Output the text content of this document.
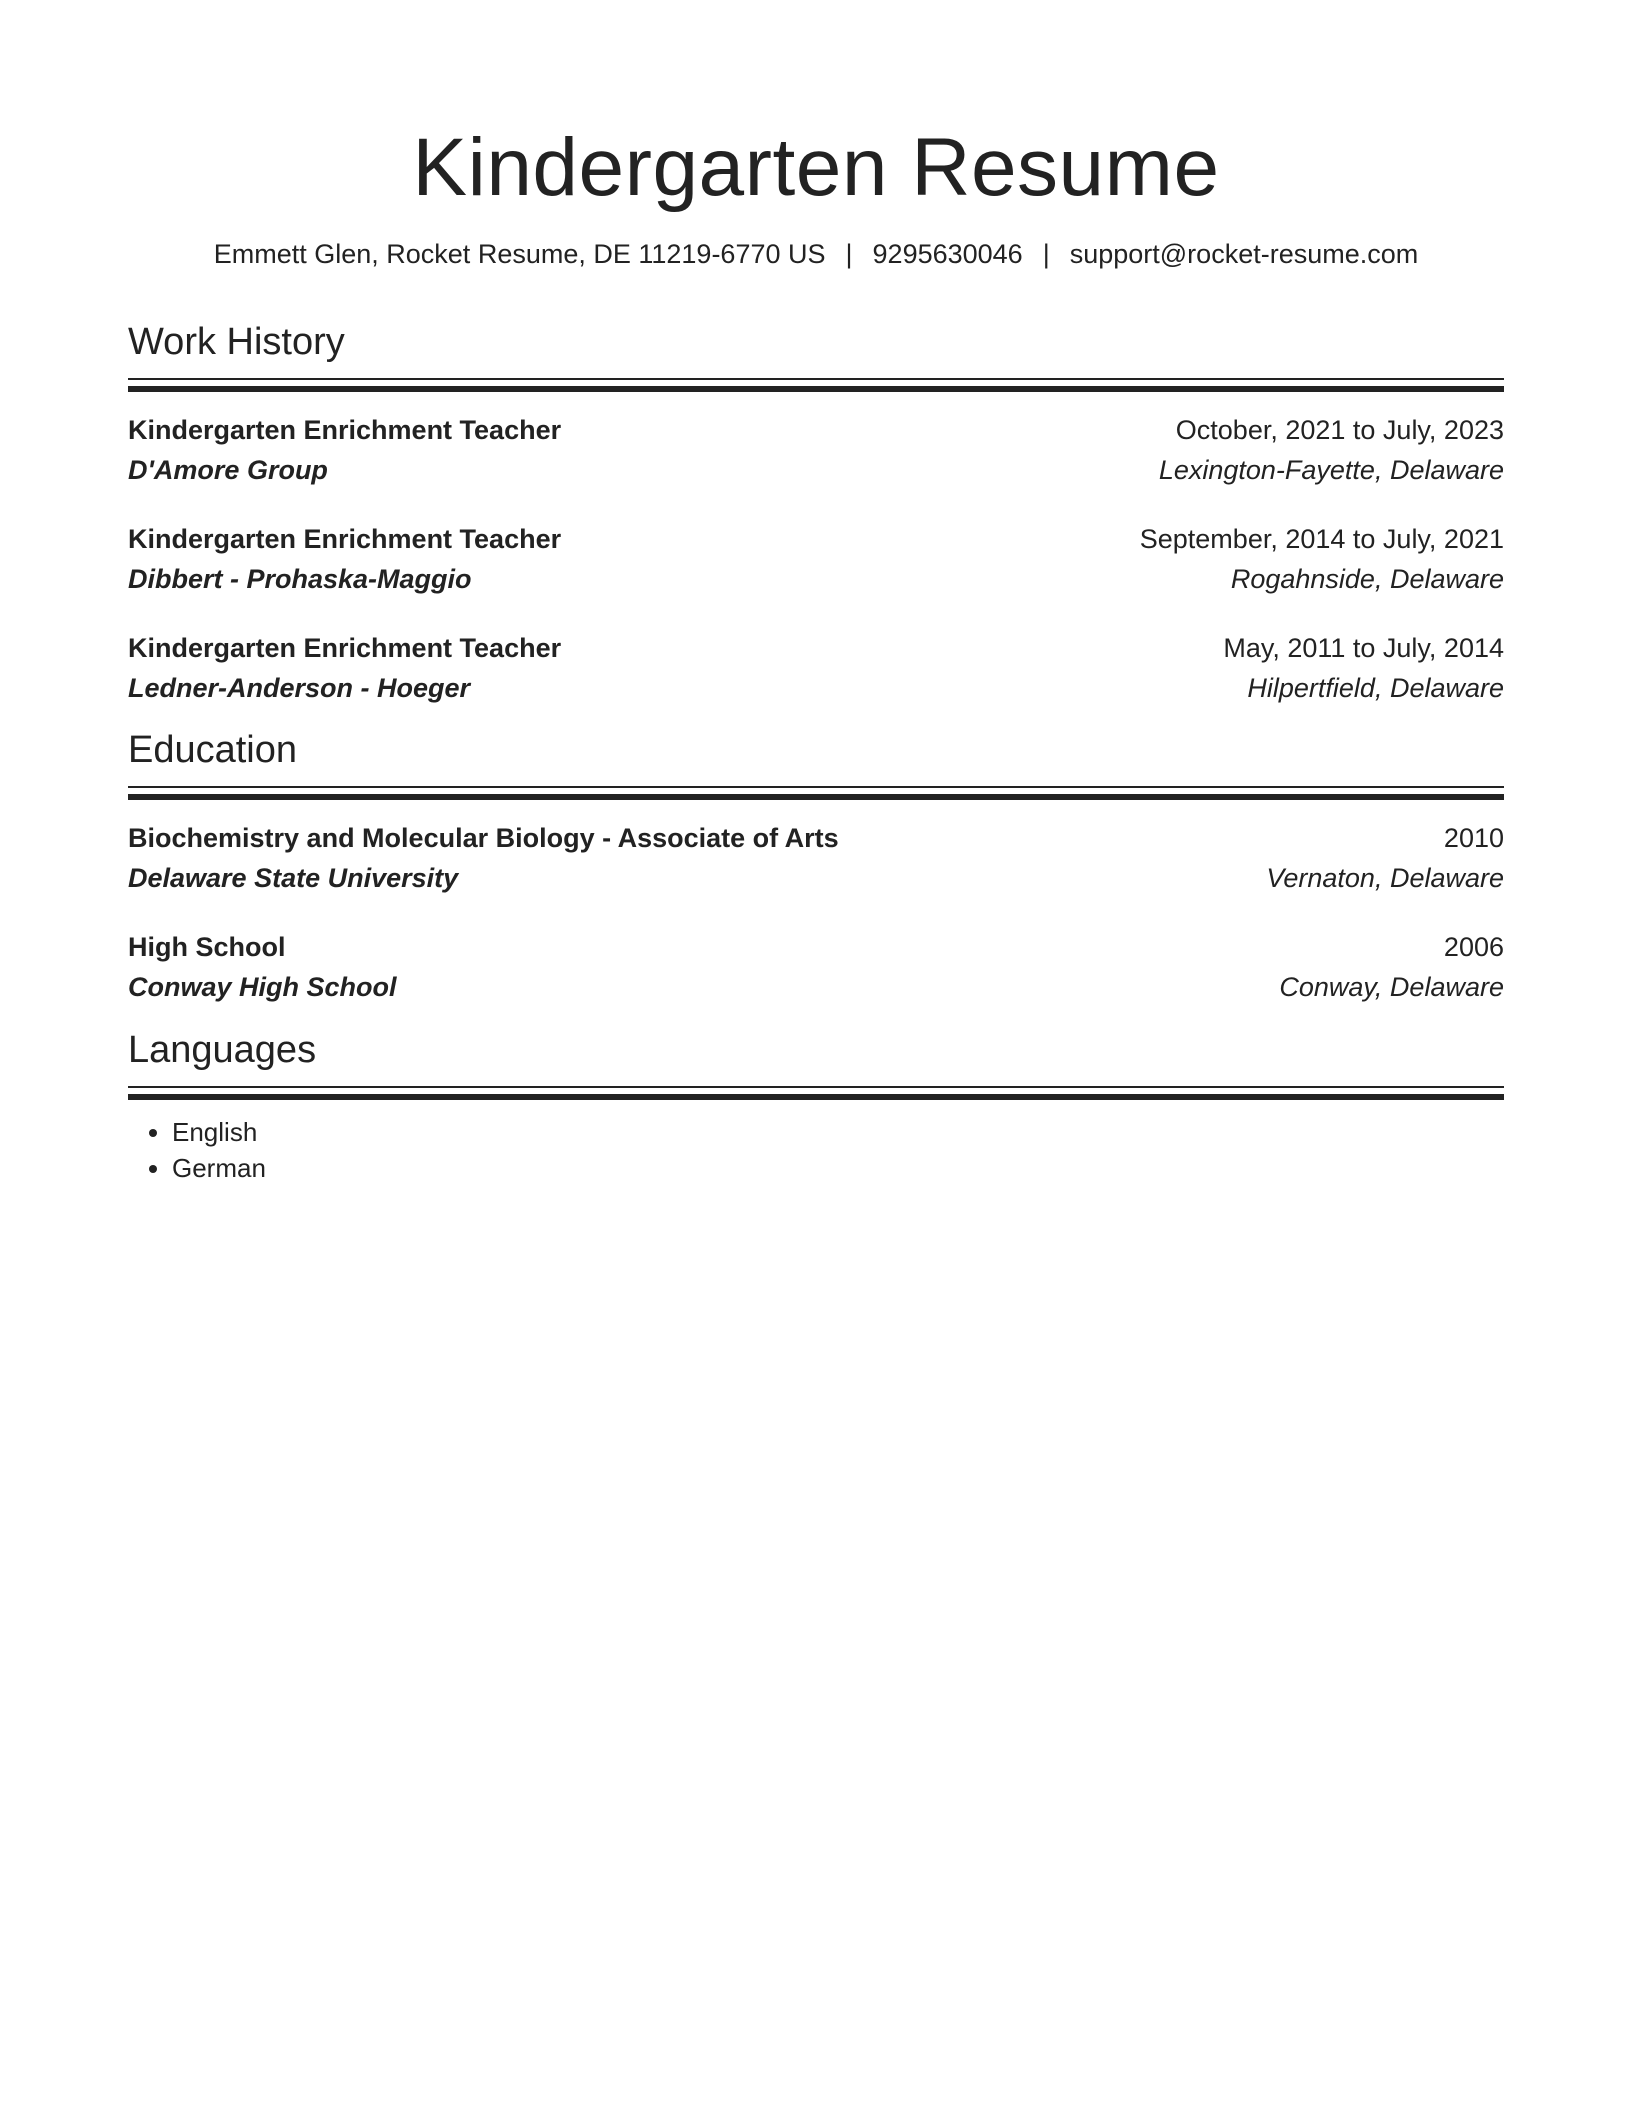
Kindergarten Resume
Emmett Glen, Rocket Resume, DE 11219-6770 US | 9295630046 | support@rocket-resume.com
Work History
Kindergarten Enrichment Teacher	October, 2021 to July, 2023
D'Amore Group	Lexington-Fayette, Delaware
Kindergarten Enrichment Teacher	September, 2014 to July, 2021
Dibbert - Prohaska-Maggio	Rogahnside, Delaware
Kindergarten Enrichment Teacher	May, 2011 to July, 2014
Ledner-Anderson - Hoeger	Hilpertfield, Delaware
Education
Biochemistry and Molecular Biology - Associate of Arts	2010
Delaware State University	Vernaton, Delaware
High School	2006
Conway High School	Conway, Delaware
Languages
• English
• German
